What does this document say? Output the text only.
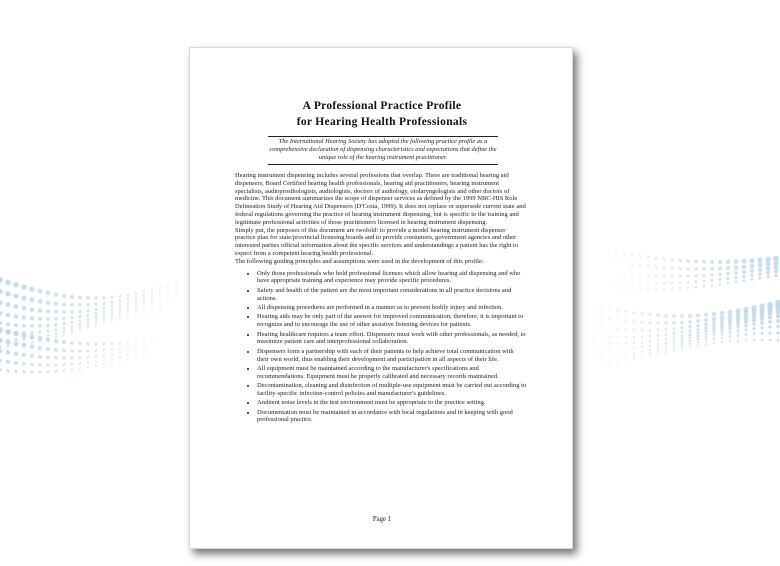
A Professional Practice Profile
for Hearing Health Professionals
The International Hearing Society has adopted the following practice profile as a comprehensive declaration of dispensing characteristics and expectations that define the unique role of the hearing instrument practitioner.

Hearing instrument dispensing includes several professions that overlap. There are traditional hearing aid dispensers, Board Certified hearing health professionals, hearing aid practitioners, hearing instrument specialists, audioprosthologists, audiologists, doctors of audiology, otolaryngologists and other doctors of medicine. This document summarizes the scope of dispenser services as defined by the 1999 NBC-HIS Role Delineation Study of Hearing Aid Dispensers (D'Costa, 1999). It does not replace or supersede current state and federal regulations governing the practice of hearing instrument dispensing, but is specific to the training and legitimate professional activities of those practitioners licensed in hearing instrument dispensing.

Simply put, the purposes of this document are twofold: to provide a model hearing instrument dispenser practice plan for state/provincial licensing boards and to provide consumers, government agencies and other interested parties official information about the specific services and understandings a patient has the right to expect from a competent hearing health professional.

The following guiding principles and assumptions were used in the development of this profile:

• Only those professionals who hold professional licenses which allow hearing aid dispensing and who have appropriate training and experience may provide specific procedures.
• Safety and health of the patient are the most important considerations in all practice decisions and actions.
• All dispensing procedures are performed in a manner as to prevent bodily injury and infection.
• Hearing aids may be only part of the answer for improved communication; therefore, it is important to recognize and to encourage the use of other assistive listening devices for patients.
• Hearing healthcare requires a team effort. Dispensers must work with other professionals, as needed, to maximize patient care and interprofessional collaboration.
• Dispensers form a partnership with each of their patients to help achieve total communication with their own world, thus enabling their development and participation in all aspects of their life.
• All equipment must be maintained according to the manufacturer's specifications and recommendations. Equipment must be properly calibrated and necessary records maintained.
• Decontamination, cleaning and disinfection of multiple-use equipment must be carried out according to facility-specific infection-control policies and manufacturer's guidelines.
• Ambient noise levels in the test environment must be appropriate to the practice setting.
• Documentation must be maintained in accordance with local regulations and in keeping with good professional practice.
Page 1
